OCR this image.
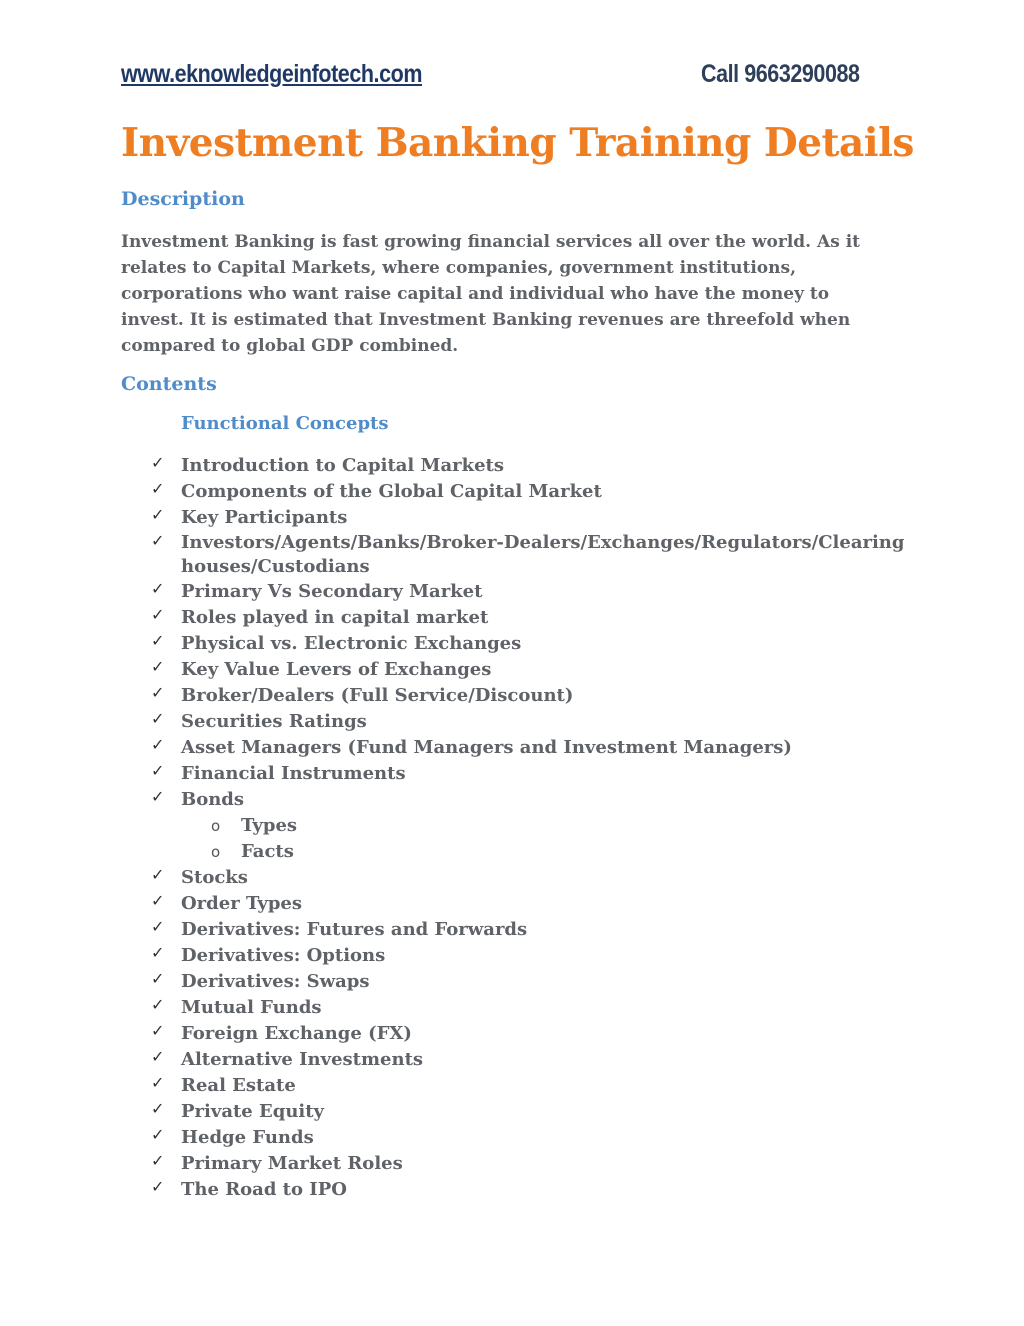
www.eknowledgeinfotech.com	Call 9663290088
Investment Banking Training Details
Description

Investment Banking is fast growing financial services all over the world. As it relates to Capital Markets, where companies, government institutions, corporations who want raise capital and individual who have the money to invest. It is estimated that Investment Banking revenues are threefold when compared to global GDP combined.

Contents
Functional Concepts
✓ Introduction to Capital Markets
✓ Components of the Global Capital Market
✓ Key Participants
✓ Investors/Agents/Banks/Broker-Dealers/Exchanges/Regulators/Clearing houses/Custodians
✓ Primary Vs Secondary Market
✓ Roles played in capital market
✓ Physical vs. Electronic Exchanges
✓ Key Value Levers of Exchanges
✓ Broker/Dealers (Full Service/Discount)
✓ Securities Ratings
✓ Asset Managers (Fund Managers and Investment Managers)
✓ Financial Instruments
✓ Bonds
o Types
o Facts
✓ Stocks
✓ Order Types
✓ Derivatives: Futures and Forwards
✓ Derivatives: Options
✓ Derivatives: Swaps
✓ Mutual Funds
✓ Foreign Exchange (FX)
✓ Alternative Investments
✓ Real Estate
✓ Private Equity
✓ Hedge Funds
✓ Primary Market Roles
✓ The Road to IPO
